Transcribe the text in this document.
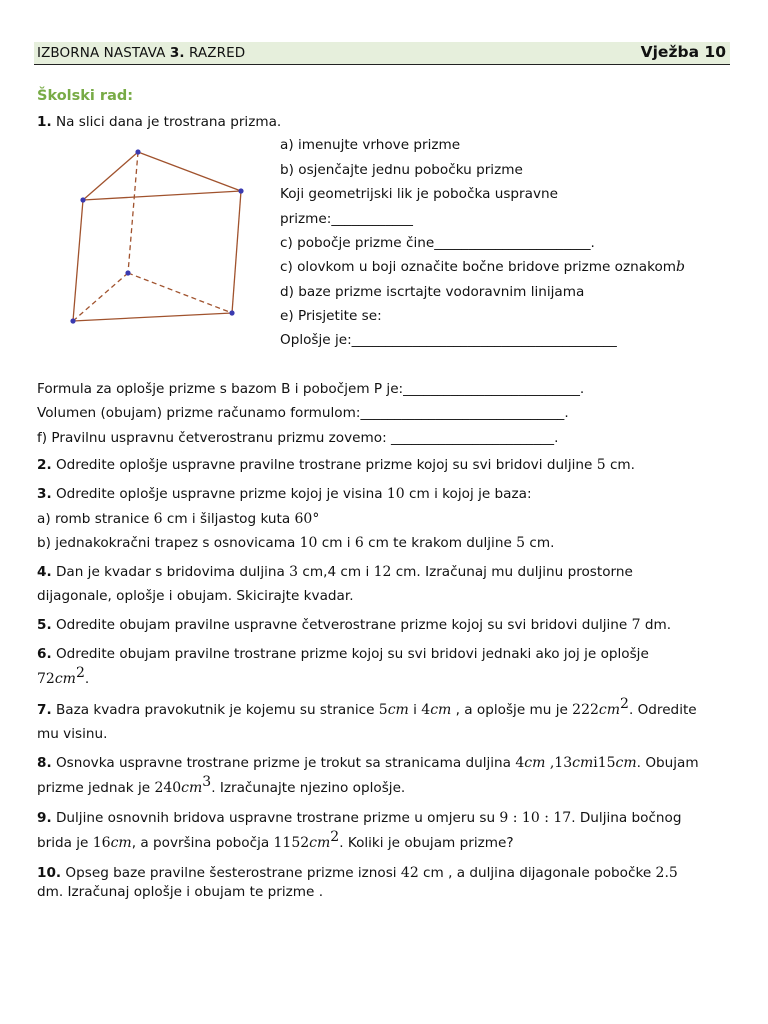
IZBORNA NASTAVA 3. RAZRED	Vježba 10
Školski rad:
1. Na slici dana je trostrana prizma.
a) imenujte vrhove prizme
b) osjenčajte jednu pobočku prizme
Koji geometrijski lik je pobočka uspravne
prizme:____________
c) pobočje prizme čine_______________________.
c) olovkom u boji označite bočne bridove prizme oznakomb
d) baze prizme iscrtajte vodoravnim linijama
e) Prisjetite se:
Oplošje je:_______________________________________
Formula za oplošje prizme s bazom B i pobočjem P je:__________________________.
Volumen (obujam) prizme računamo formulom:______________________________.
f) Pravilnu uspravnu četverostranu prizmu zovemo: ________________________.
2. Odredite oplošje uspravne pravilne trostrane prizme kojoj su svi bridovi duljine 5 cm.
3. Odredite oplošje uspravne prizme kojoj je visina 10 cm i kojoj je baza:
a) romb stranice 6 cm i šiljastog kuta 60°
b) jednakokračni trapez s osnovicama 10 cm i 6 cm te krakom duljine 5 cm.
4. Dan je kvadar s bridovima duljina 3 cm,4 cm i 12 cm. Izračunaj mu duljinu prostorne
dijagonale, oplošje i obujam. Skicirajte kvadar.
5. Odredite obujam pravilne uspravne četverostrane prizme kojoj su svi bridovi duljine 7 dm.
6. Odredite obujam pravilne trostrane prizme kojoj su svi bridovi jednaki ako joj je oplošje
$72cm^2$.
7. Baza kvadra pravokutnik je kojemu su stranice 5cm i 4cm , a oplošje mu je $222cm^2$. Odredite
mu visinu.
8. Osnovka uspravne trostrane prizme je trokut sa stranicama duljina 4cm ,13cmi15cm. Obujam
prizme jednak je $240cm^3$. Izračunajte njezino oplošje.
9. Duljine osnovnih bridova uspravne trostrane prizme u omjeru su 9 : 10 : 17. Duljina bočnog
brida je 16cm, a površina pobočja $1152cm^2$. Koliki je obujam prizme?
10. Opseg baze pravilne šesterostrane prizme iznosi 42 cm , a duljina dijagonale pobočke 2.5
dm. Izračunaj oplošje i obujam te prizme .
